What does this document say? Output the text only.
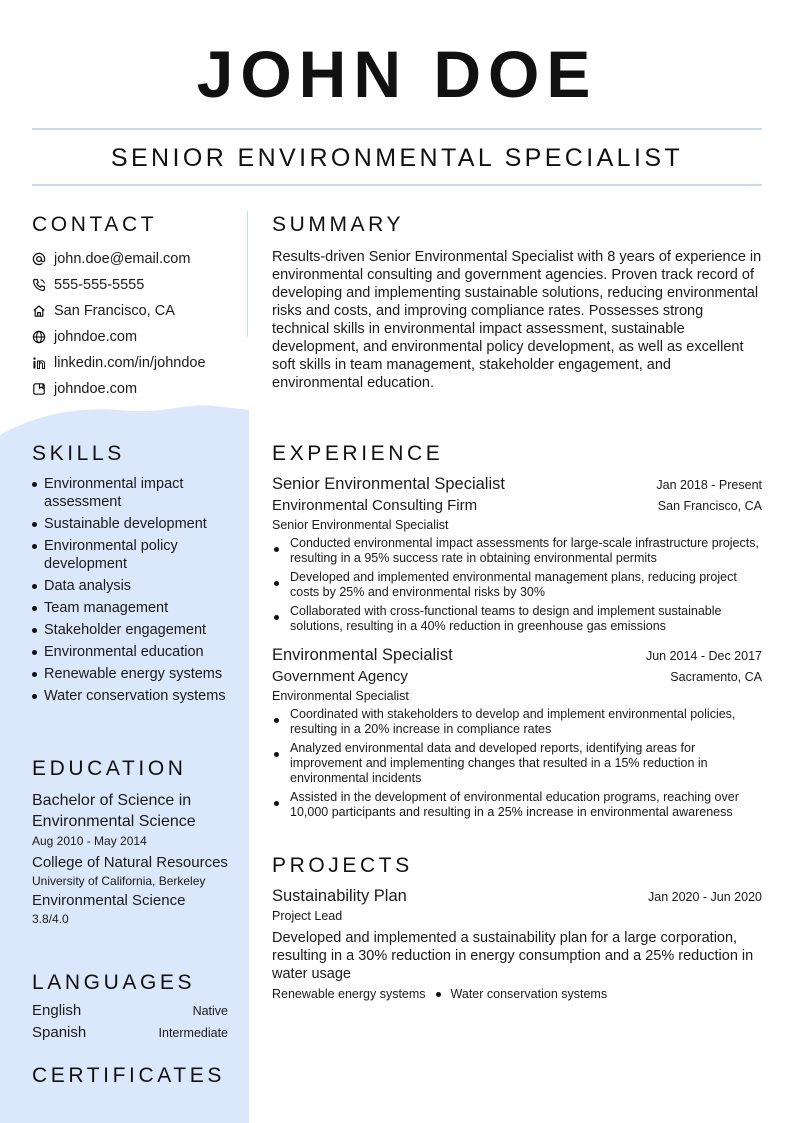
JOHN DOE
SENIOR ENVIRONMENTAL SPECIALIST
CONTACT
john.doe@email.com
555-555-5555
San Francisco, CA
johndoe.com
linkedin.com/in/johndoe
johndoe.com
SKILLS
Environmental impact assessment
Sustainable development
Environmental policy development
Data analysis
Team management
Stakeholder engagement
Environmental education
Renewable energy systems
Water conservation systems
EDUCATION
Bachelor of Science in Environmental Science
Aug 2010 - May 2014
College of Natural Resources
University of California, Berkeley
Environmental Science
3.8/4.0
LANGUAGES
English	Native
Spanish	Intermediate
CERTIFICATES
SUMMARY
Results-driven Senior Environmental Specialist with 8 years of experience in environmental consulting and government agencies. Proven track record of developing and implementing sustainable solutions, reducing environmental risks and costs, and improving compliance rates. Possesses strong technical skills in environmental impact assessment, sustainable development, and environmental policy development, as well as excellent soft skills in team management, stakeholder engagement, and environmental education.
EXPERIENCE
Senior Environmental Specialist	Jan 2018 - Present
Environmental Consulting Firm	San Francisco, CA
Senior Environmental Specialist
Conducted environmental impact assessments for large-scale infrastructure projects, resulting in a 95% success rate in obtaining environmental permits
Developed and implemented environmental management plans, reducing project costs by 25% and environmental risks by 30%
Collaborated with cross-functional teams to design and implement sustainable solutions, resulting in a 40% reduction in greenhouse gas emissions
Environmental Specialist	Jun 2014 - Dec 2017
Government Agency	Sacramento, CA
Environmental Specialist
Coordinated with stakeholders to develop and implement environmental policies, resulting in a 20% increase in compliance rates
Analyzed environmental data and developed reports, identifying areas for improvement and implementing changes that resulted in a 15% reduction in environmental incidents
Assisted in the development of environmental education programs, reaching over 10,000 participants and resulting in a 25% increase in environmental awareness
PROJECTS
Sustainability Plan	Jan 2020 - Jun 2020
Project Lead
Developed and implemented a sustainability plan for a large corporation, resulting in a 30% reduction in energy consumption and a 25% reduction in water usage
Renewable energy systems Water conservation systems
